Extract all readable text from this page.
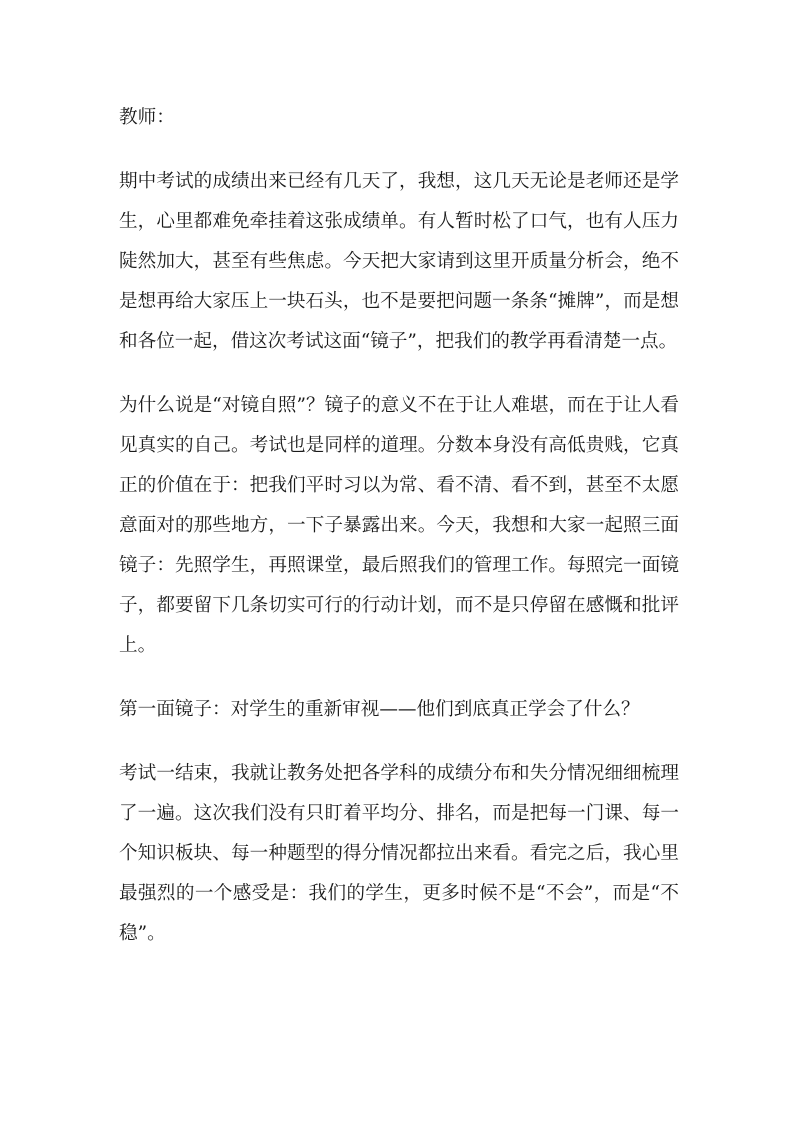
教师：

期中考试的成绩出来已经有几天了，我想，这几天无论是老师还是学生，心里都难免牵挂着这张成绩单。有人暂时松了口气，也有人压力陡然加大，甚至有些焦虑。今天把大家请到这里开质量分析会，绝不是想再给大家压上一块石头，也不是要把问题一条条“摊牌”，而是想和各位一起，借这次考试这面“镜子”，把我们的教学再看清楚一点。

为什么说是“对镜自照”？镜子的意义不在于让人难堪，而在于让人看见真实的自己。考试也是同样的道理。分数本身没有高低贵贱，它真正的价值在于：把我们平时习以为常、看不清、看不到，甚至不太愿意面对的那些地方，一下子暴露出来。今天，我想和大家一起照三面镜子：先照学生，再照课堂，最后照我们的管理工作。每照完一面镜子，都要留下几条切实可行的行动计划，而不是只停留在感慨和批评上。

第一面镜子：对学生的重新审视——他们到底真正学会了什么？

考试一结束，我就让教务处把各学科的成绩分布和失分情况细细梳理了一遍。这次我们没有只盯着平均分、排名，而是把每一门课、每一个知识板块、每一种题型的得分情况都拉出来看。看完之后，我心里最强烈的一个感受是：我们的学生，更多时候不是“不会”，而是“不稳”。
